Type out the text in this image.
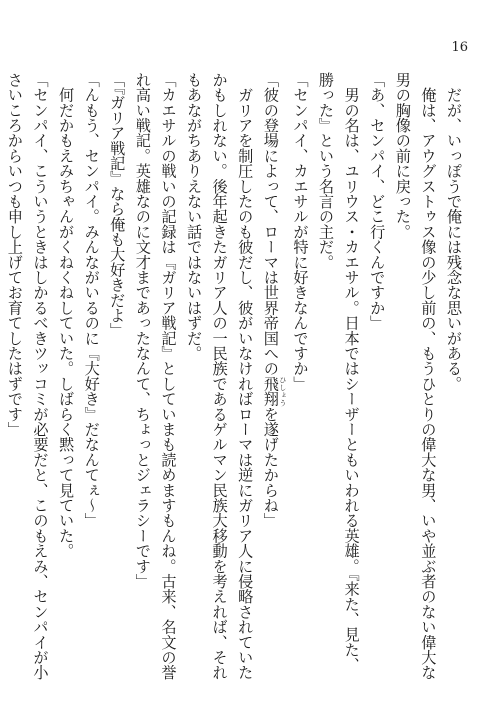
16
　だが、いっぽうで俺には残念な思いがある。
　俺は、アウグストゥス像の少し前の、もうひとりの偉大な男、いや並ぶ者のない偉大な
男の胸像の前に戻った。
「あ、センパイ、どこ行くんですか」
　男の名は、ユリウス・カエサル。日本ではシーザーともいわれる英雄。『来た、見た、
勝った』という名言の主だ。
「センパイ、カエサルが特に好きなんですか」
「彼の登場によって、ローマは世界帝国への飛翔 ひしょうを遂げたからね」
　ガリアを制圧したのも彼だし、彼がいなければローマは逆にガリア人に侵略されていた
かもしれない。後年起きたガリア人の一民族であるゲルマン民族大移動を考えれば、それ
もあながちありえない話ではないはずだ。
「カエサルの戦いの記録は『ガリア戦記』としていまも読めますもんね。古来、名文の誉
れ高い戦記。英雄なのに文才まであったなんて、ちょっとジェラシーです」
「『ガリア戦記』なら俺も大好きだよ」
「んもう、センパイ。みんながいるのに『大好き』だなんてぇ～」
　何だかもえみちゃんがくねくねしていた。しばらく黙って見ていた。
「センパイ、こういうときはしかるべきツッコミが必要だと、このもえみ、センパイが小
さいころからいつも申し上げてお育てしたはずです」
